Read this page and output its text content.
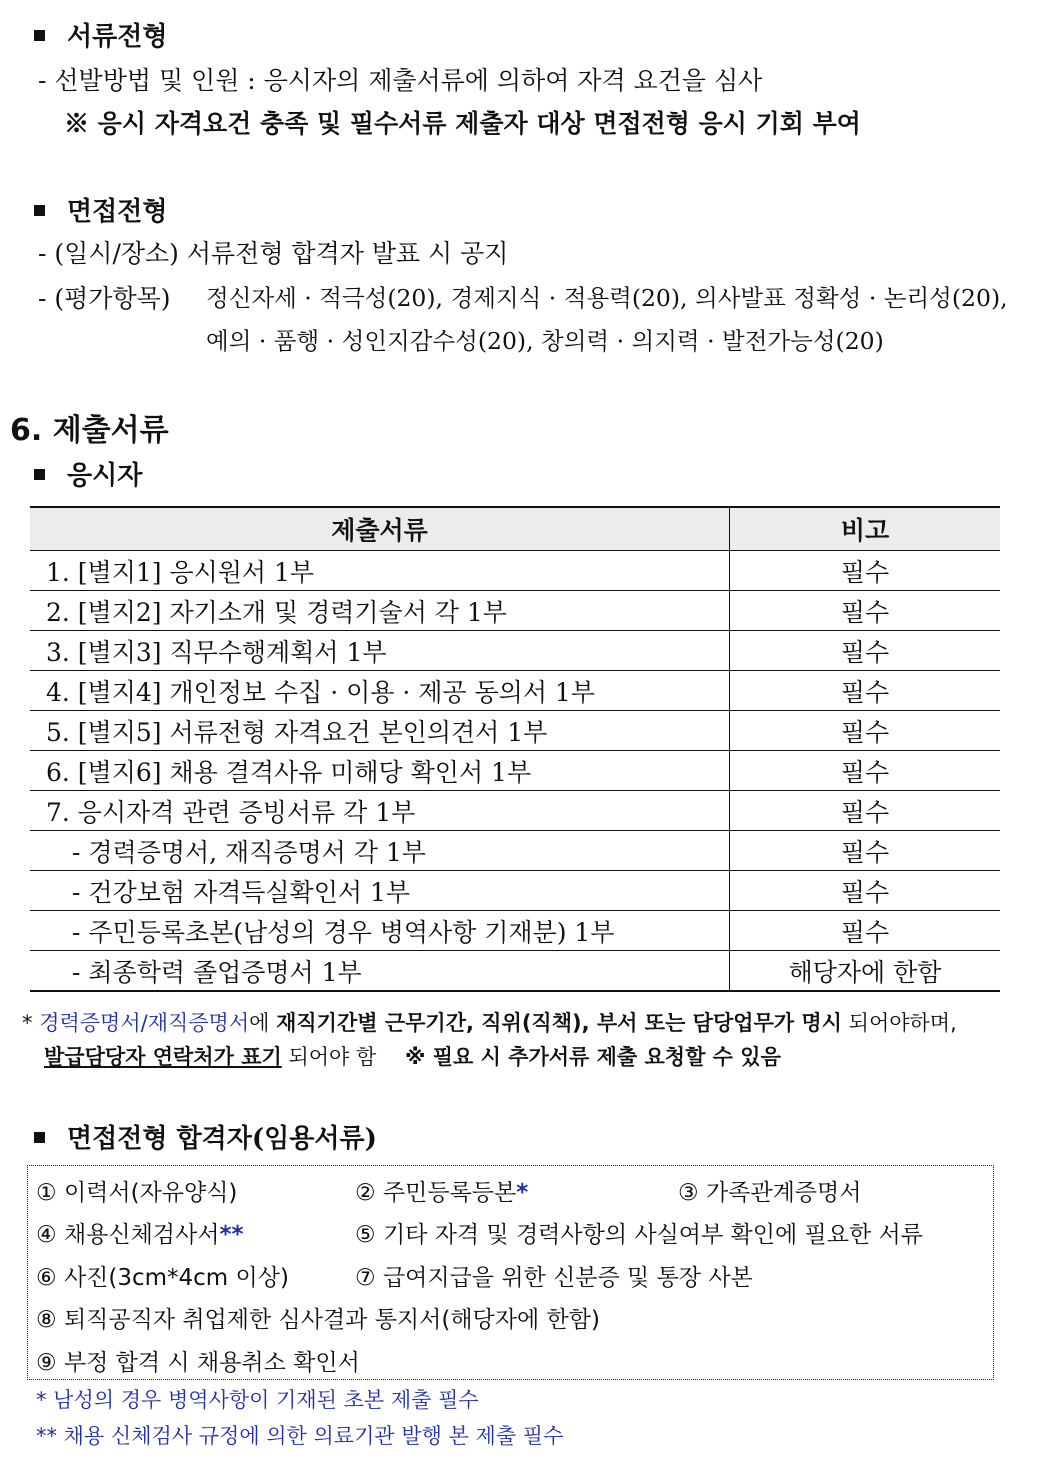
서류전형
- 선발방법 및 인원 : 응시자의 제출서류에 의하여 자격 요건을 심사
※ 응시 자격요건 충족 및 필수서류 제출자 대상 면접전형 응시 기회 부여
면접전형
- (일시/장소) 서류전형 합격자 발표 시 공지
- (평가항목) 정신자세 · 적극성(20), 경제지식 · 적용력(20), 의사발표 정확성 · 논리성(20),
예의 · 품행 · 성인지감수성(20), 창의력 · 의지력 · 발전가능성(20)
6. 제출서류
응시자
제출서류	비고
1. [별지1] 응시원서 1부	필수
2. [별지2] 자기소개 및 경력기술서 각 1부	필수
3. [별지3] 직무수행계획서 1부	필수
4. [별지4] 개인정보 수집 · 이용 · 제공 동의서 1부	필수
5. [별지5] 서류전형 자격요건 본인의견서 1부	필수
6. [별지6] 채용 결격사유 미해당 확인서 1부	필수
7. 응시자격 관련 증빙서류 각 1부	필수
- 경력증명서, 재직증명서 각 1부	필수
- 건강보험 자격득실확인서 1부	필수
- 주민등록초본(남성의 경우 병역사항 기재분) 1부	필수
- 최종학력 졸업증명서 1부	해당자에 한함
* 경력증명서/재직증명서에 재직기간별 근무기간, 직위(직책), 부서 또는 담당업무가 명시 되어야하며,
발급담당자 연락처가 표기 되어야 함 ※ 필요 시 추가서류 제출 요청할 수 있음
면접전형 합격자(임용서류)
① 이력서(자유양식)	② 주민등록등본*	③ 가족관계증명서
④ 채용신체검사서**	⑤ 기타 자격 및 경력사항의 사실여부 확인에 필요한 서류
⑥ 사진(3cm*4cm 이상)	⑦ 급여지급을 위한 신분증 및 통장 사본
⑧ 퇴직공직자 취업제한 심사결과 통지서(해당자에 한함)
⑨ 부정 합격 시 채용취소 확인서
* 남성의 경우 병역사항이 기재된 초본 제출 필수
** 채용 신체검사 규정에 의한 의료기관 발행 본 제출 필수
